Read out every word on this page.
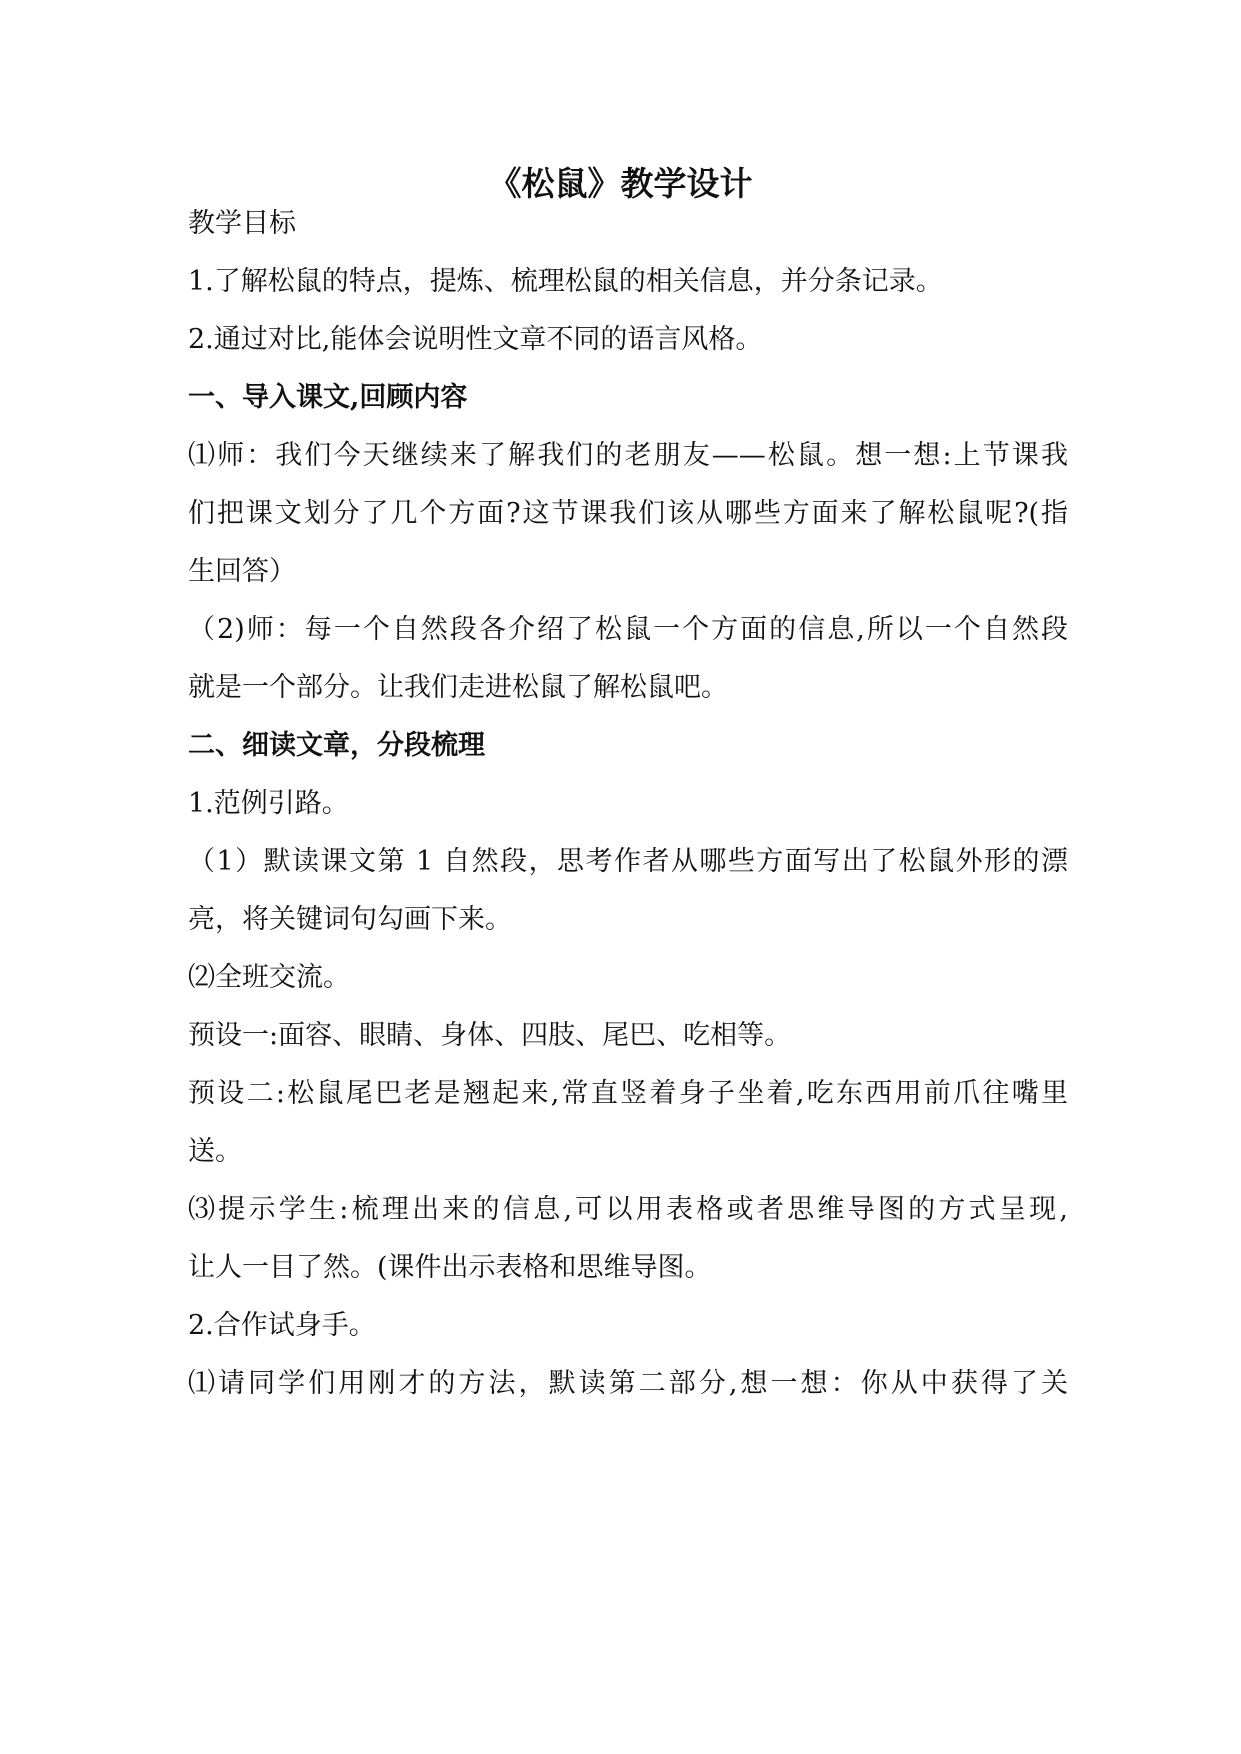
《松鼠》教学设计
教学目标
1.了解松鼠的特点，提炼、梳理松鼠的相关信息，并分条记录。
2.通过对比,能体会说明性文章不同的语言风格。
一、导入课文,回顾内容
⑴师：我们今天继续来了解我们的老朋友——松鼠。想一想:上节课我
们把课文划分了几个方面?这节课我们该从哪些方面来了解松鼠呢?(指
生回答）
（2)师：每一个自然段各介绍了松鼠一个方面的信息,所以一个自然段
就是一个部分。让我们走进松鼠了解松鼠吧。
二、细读文章，分段梳理
1.范例引路。
（1）默读课文第 1 自然段，思考作者从哪些方面写出了松鼠外形的漂
亮，将关键词句勾画下来。
⑵全班交流。
预设一:面容、眼睛、身体、四肢、尾巴、吃相等。
预设二:松鼠尾巴老是翘起来,常直竖着身子坐着,吃东西用前爪往嘴里
送。
⑶提示学生:梳理出来的信息,可以用表格或者思维导图的方式呈现,
让人一目了然。(课件出示表格和思维导图。
2.合作试身手。
⑴请同学们用刚才的方法，默读第二部分,想一想：你从中获得了关
